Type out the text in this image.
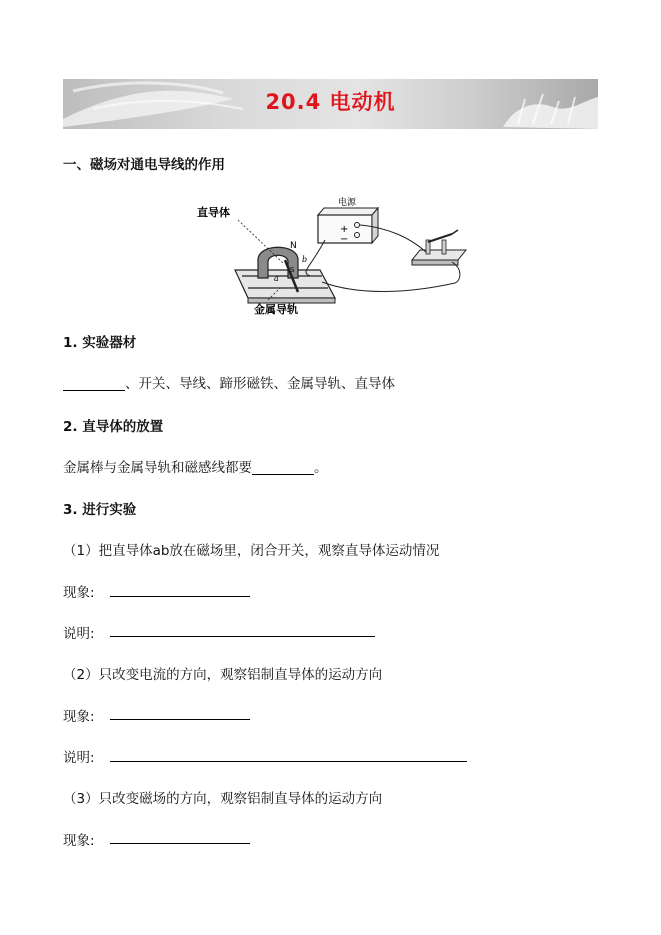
20.4 电动机
一、磁场对通电导线的作用
N
b
a
S
直导体
金属导轨
电源
+
−
1. 实验器材
、开关、导线、蹄形磁铁、金属导轨、直导体
2. 直导体的放置
金属棒与金属导轨和磁感线都要	。
3. 进行实验
（1）把直导体ab放在磁场里，闭合开关，观察直导体运动情况
现象:
说明:
（2）只改变电流的方向，观察铝制直导体的运动方向
现象:
说明:
（3）只改变磁场的方向，观察铝制直导体的运动方向
现象:
